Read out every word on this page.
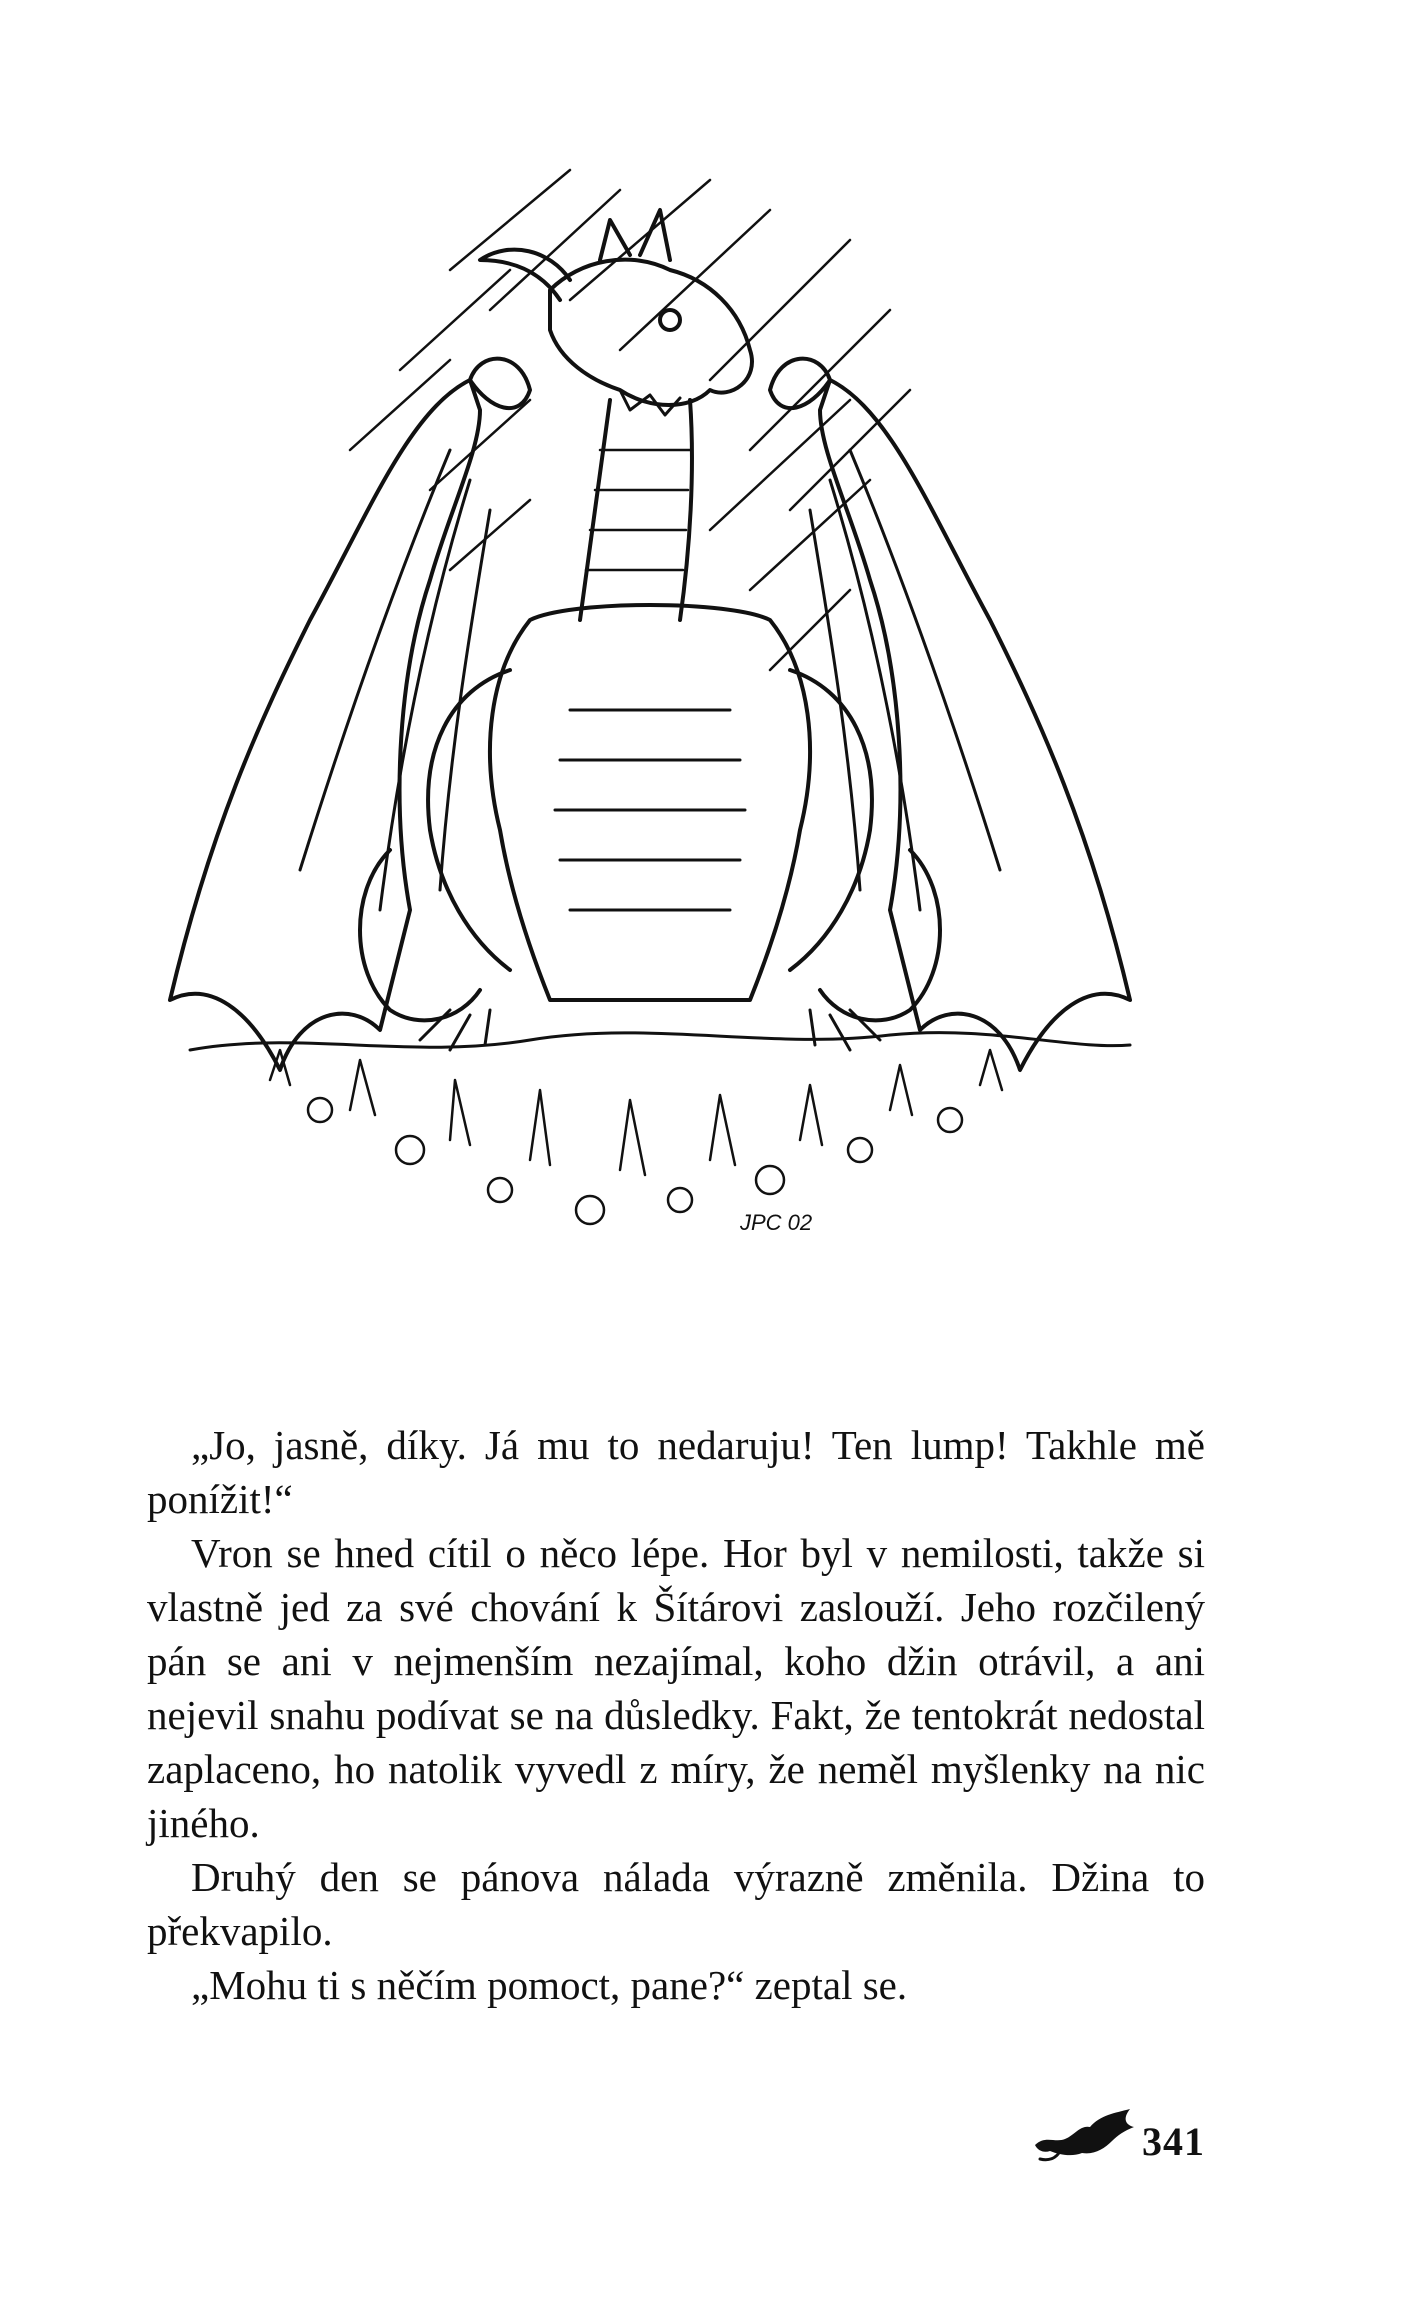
JPC 02

„Jo, jasně, díky. Já mu to nedaruju! Ten lump! Takhle mě ponížit!“

Vron se hned cítil o něco lépe. Hor byl v nemilosti, takže si vlastně jed za své chování k Šítárovi zaslouží. Jeho rozčilený pán se ani v nejmenším nezajímal, koho džin otrávil, a ani nejevil snahu podívat se na důsledky. Fakt, že tentokrát nedostal zaplaceno, ho natolik vyvedl z míry, že neměl myšlenky na nic jiného.

Druhý den se pánova nálada výrazně změnila. Džina to překvapilo.

„Mohu ti s něčím pomoct, pane?“ zeptal se.

341
